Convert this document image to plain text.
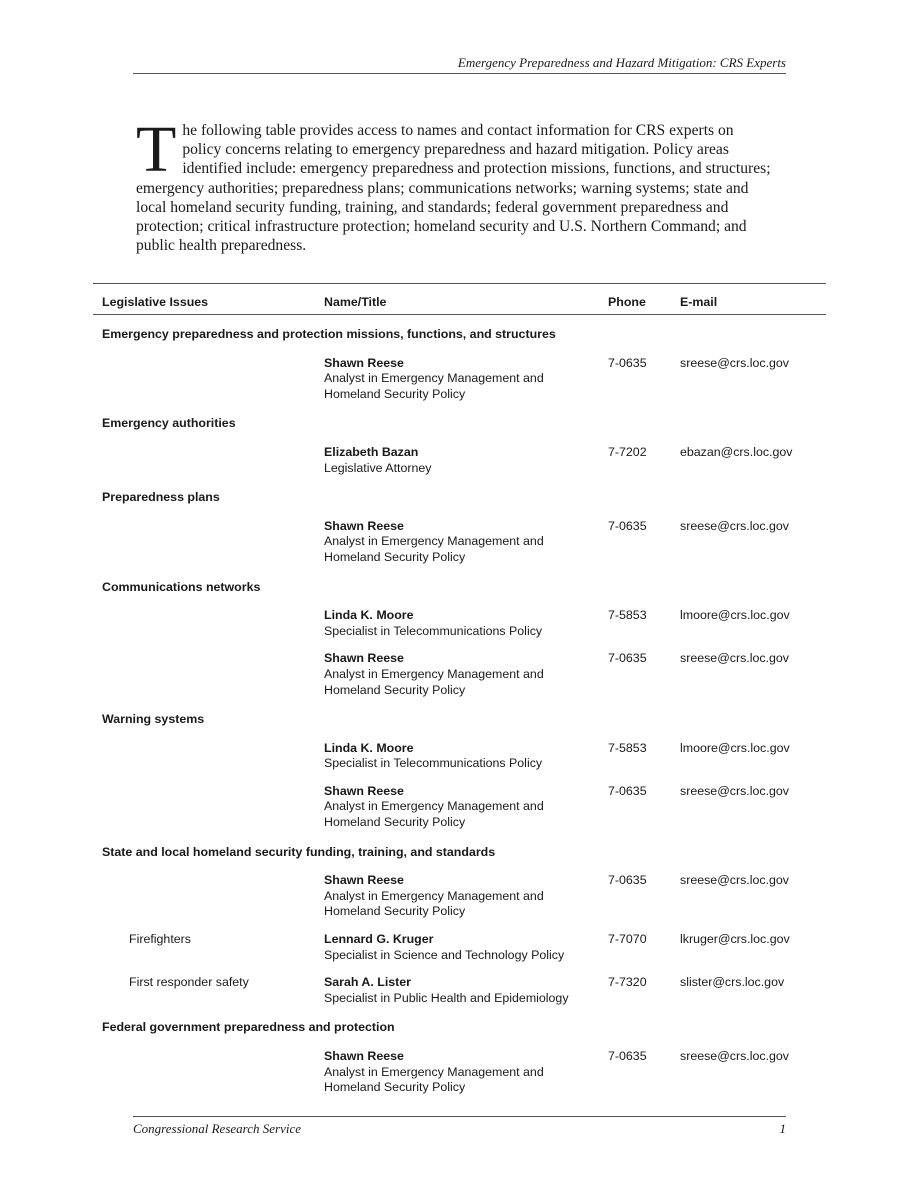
Emergency Preparedness and Hazard Mitigation: CRS Experts

The following table provides access to names and contact information for CRS experts on policy concerns relating to emergency preparedness and hazard mitigation. Policy areas identified include: emergency preparedness and protection missions, functions, and structures; emergency authorities; preparedness plans; communications networks; warning systems; state and local homeland security funding, training, and standards; federal government preparedness and protection; critical infrastructure protection; homeland security and U.S. Northern Command; and public health preparedness.

Legislative Issues	Name/Title	Phone	E-mail
Emergency preparedness and protection missions, functions, and structures			

	Shawn Reese
Analyst in Emergency Management and
Homeland Security Policy	7-0635	sreese@crs.loc.gov
Emergency authorities			

	Elizabeth Bazan
Legislative Attorney	7-7202	ebazan@crs.loc.gov
Preparedness plans			

	Shawn Reese
Analyst in Emergency Management and
Homeland Security Policy	7-0635	sreese@crs.loc.gov
Communications networks			

	Linda K. Moore
Specialist in Telecommunications Policy	7-5853	lmoore@crs.loc.gov

	Shawn Reese
Analyst in Emergency Management and
Homeland Security Policy	7-0635	sreese@crs.loc.gov
Warning systems			

	Linda K. Moore
Specialist in Telecommunications Policy	7-5853	lmoore@crs.loc.gov

	Shawn Reese
Analyst in Emergency Management and
Homeland Security Policy	7-0635	sreese@crs.loc.gov
State and local homeland security funding, training, and standards			

	Shawn Reese
Analyst in Emergency Management and
Homeland Security Policy	7-0635	sreese@crs.loc.gov
Firefighters	Lennard G. Kruger
Specialist in Science and Technology Policy	7-7070	lkruger@crs.loc.gov
First responder safety	Sarah A. Lister
Specialist in Public Health and Epidemiology	7-7320	slister@crs.loc.gov
Federal government preparedness and protection			

	Shawn Reese
Analyst in Emergency Management and
Homeland Security Policy	7-0635	sreese@crs.loc.gov
Congressional Research Service	1
